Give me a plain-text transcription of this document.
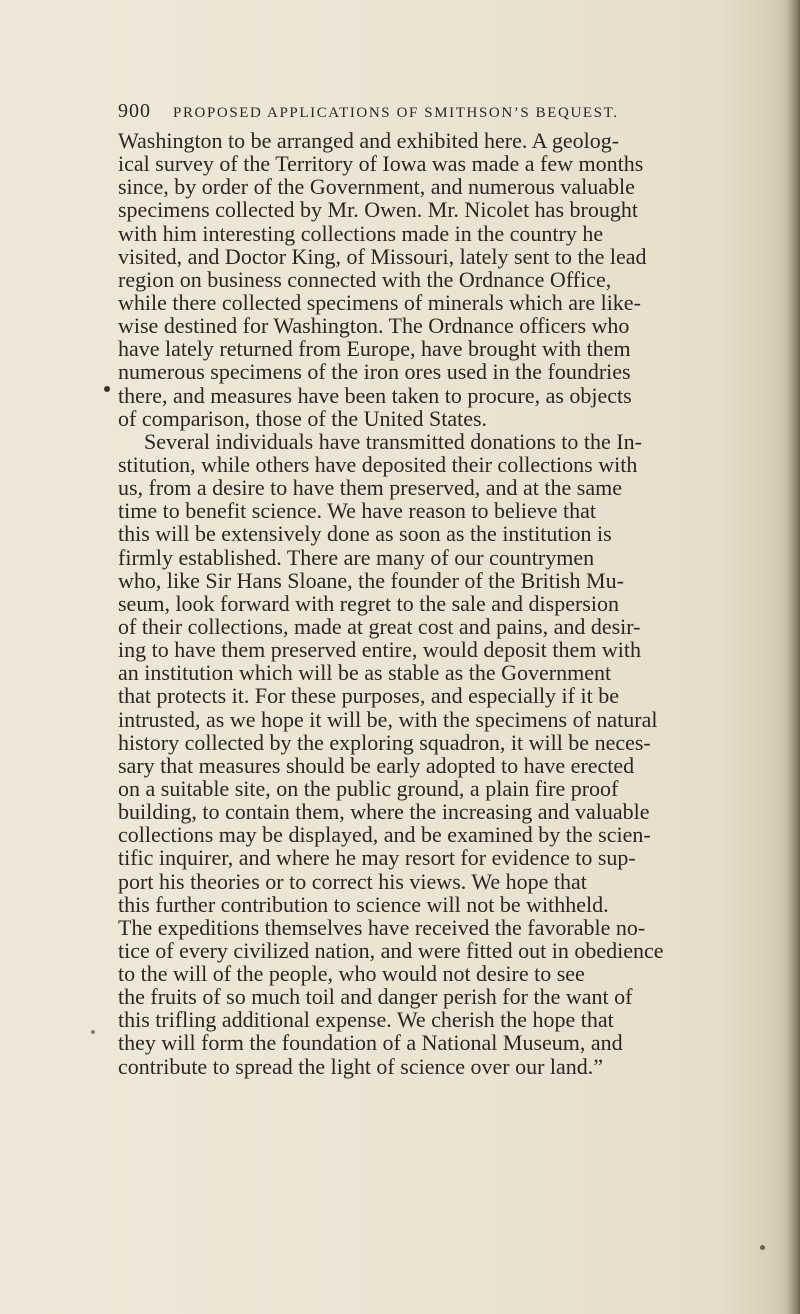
900 PROPOSED APPLICATIONS OF SMITHSON’S BEQUEST.
Washington to be arranged and exhibited here. A geolog-
ical survey of the Territory of Iowa was made a few months
since, by order of the Government, and numerous valuable
specimens collected by Mr. Owen. Mr. Nicolet has brought
with him interesting collections made in the country he
visited, and Doctor King, of Missouri, lately sent to the lead
region on business connected with the Ordnance Office,
while there collected specimens of minerals which are like-
wise destined for Washington. The Ordnance officers who
have lately returned from Europe, have brought with them
numerous specimens of the iron ores used in the foundries
there, and measures have been taken to procure, as objects
of comparison, those of the United States.
Several individuals have transmitted donations to the In-
stitution, while others have deposited their collections with
us, from a desire to have them preserved, and at the same
time to benefit science. We have reason to believe that
this will be extensively done as soon as the institution is
firmly established. There are many of our countrymen
who, like Sir Hans Sloane, the founder of the British Mu-
seum, look forward with regret to the sale and dispersion
of their collections, made at great cost and pains, and desir-
ing to have them preserved entire, would deposit them with
an institution which will be as stable as the Government
that protects it. For these purposes, and especially if it be
intrusted, as we hope it will be, with the specimens of natural
history collected by the exploring squadron, it will be neces-
sary that measures should be early adopted to have erected
on a suitable site, on the public ground, a plain fire proof
building, to contain them, where the increasing and valuable
collections may be displayed, and be examined by the scien-
tific inquirer, and where he may resort for evidence to sup-
port his theories or to correct his views. We hope that
this further contribution to science will not be withheld.
The expeditions themselves have received the favorable no-
tice of every civilized nation, and were fitted out in obedience
to the will of the people, who would not desire to see
the fruits of so much toil and danger perish for the want of
this trifling additional expense. We cherish the hope that
they will form the foundation of a National Museum, and
contribute to spread the light of science over our land.”
